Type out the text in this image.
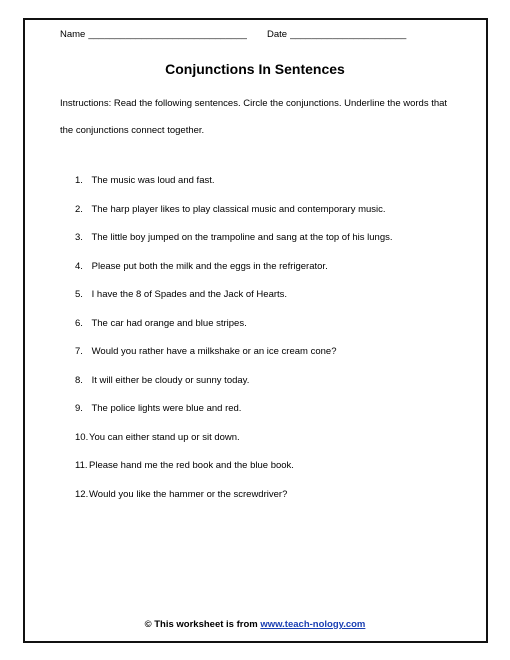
Name ______________________________ Date ______________________
Conjunctions In Sentences
Instructions: Read the following sentences. Circle the conjunctions. Underline the words that the conjunctions connect together.
1. The music was loud and fast.
2. The harp player likes to play classical music and contemporary music.
3. The little boy jumped on the trampoline and sang at the top of his lungs.
4. Please put both the milk and the eggs in the refrigerator.
5. I have the 8 of Spades and the Jack of Hearts.
6. The car had orange and blue stripes.
7. Would you rather have a milkshake or an ice cream cone?
8. It will either be cloudy or sunny today.
9. The police lights were blue and red.
10.You can either stand up or sit down.
11.Please hand me the red book and the blue book.
12.Would you like the hammer or the screwdriver?
© This worksheet is from www.teach-nology.com
